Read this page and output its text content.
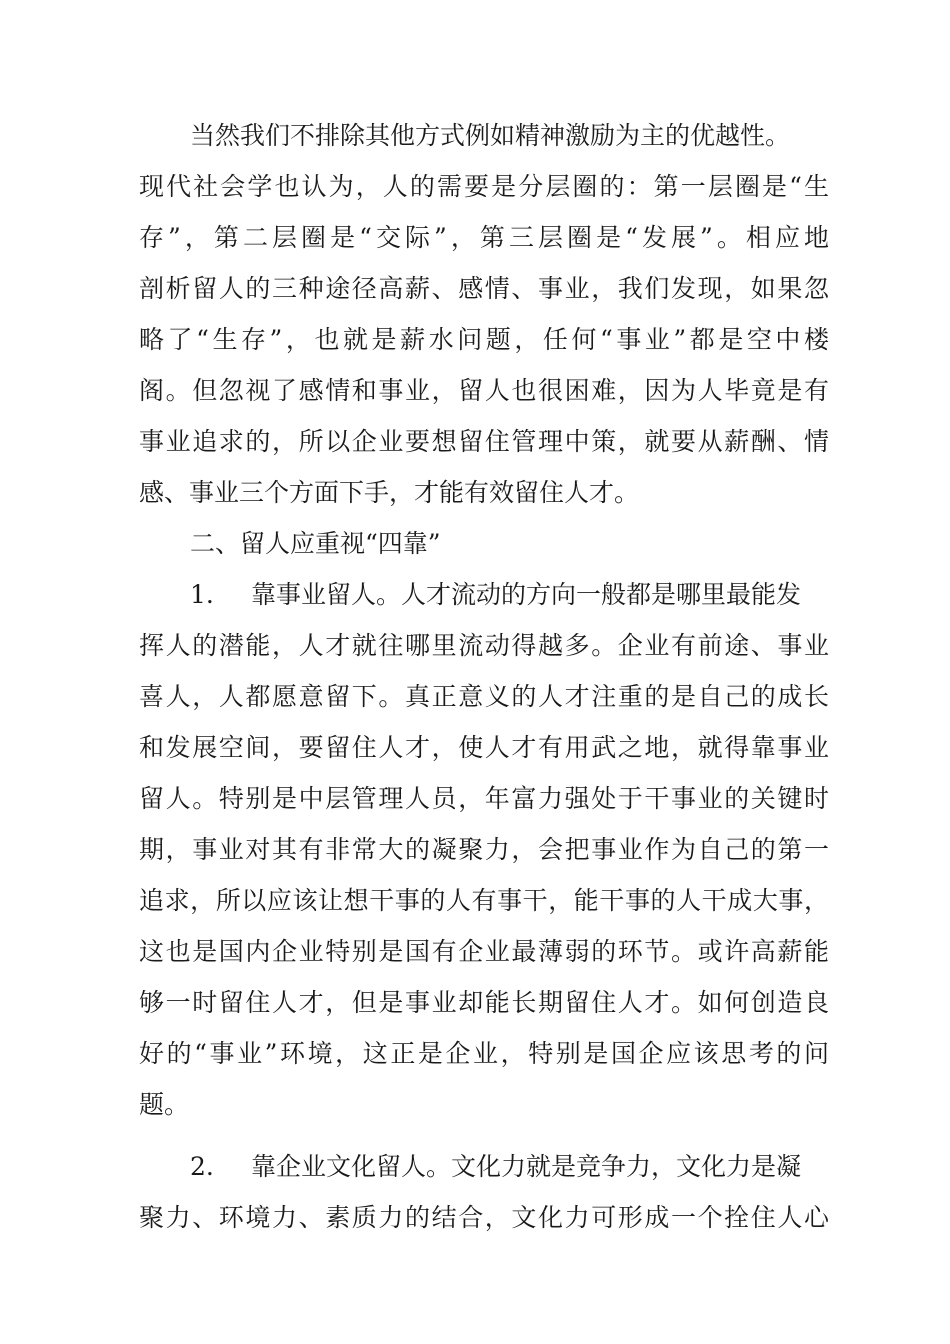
当然我们不排除其他方式例如精神激励为主的优越性。
现代社会学也认为，人的需要是分层圈的：第一层圈是“生
存”，第二层圈是“交际”，第三层圈是“发展”。相应地
剖析留人的三种途径高薪、感情、事业，我们发现，如果忽
略了“生存”，也就是薪水问题，任何“事业”都是空中楼
阁。但忽视了感情和事业，留人也很困难，因为人毕竟是有
事业追求的，所以企业要想留住管理中策，就要从薪酬、情
感、事业三个方面下手，才能有效留住人才。
二、留人应重视“四靠”
1. 靠事业留人。人才流动的方向一般都是哪里最能发
挥人的潜能，人才就往哪里流动得越多。企业有前途、事业
喜人，人都愿意留下。真正意义的人才注重的是自己的成长
和发展空间，要留住人才，使人才有用武之地，就得靠事业
留人。特别是中层管理人员，年富力强处于干事业的关键时
期，事业对其有非常大的凝聚力，会把事业作为自己的第一
追求，所以应该让想干事的人有事干，能干事的人干成大事，
这也是国内企业特别是国有企业最薄弱的环节。或许高薪能
够一时留住人才，但是事业却能长期留住人才。如何创造良
好的“事业”环境，这正是企业，特别是国企应该思考的问
题。
2. 靠企业文化留人。文化力就是竞争力，文化力是凝
聚力、环境力、素质力的结合，文化力可形成一个拴住人心
